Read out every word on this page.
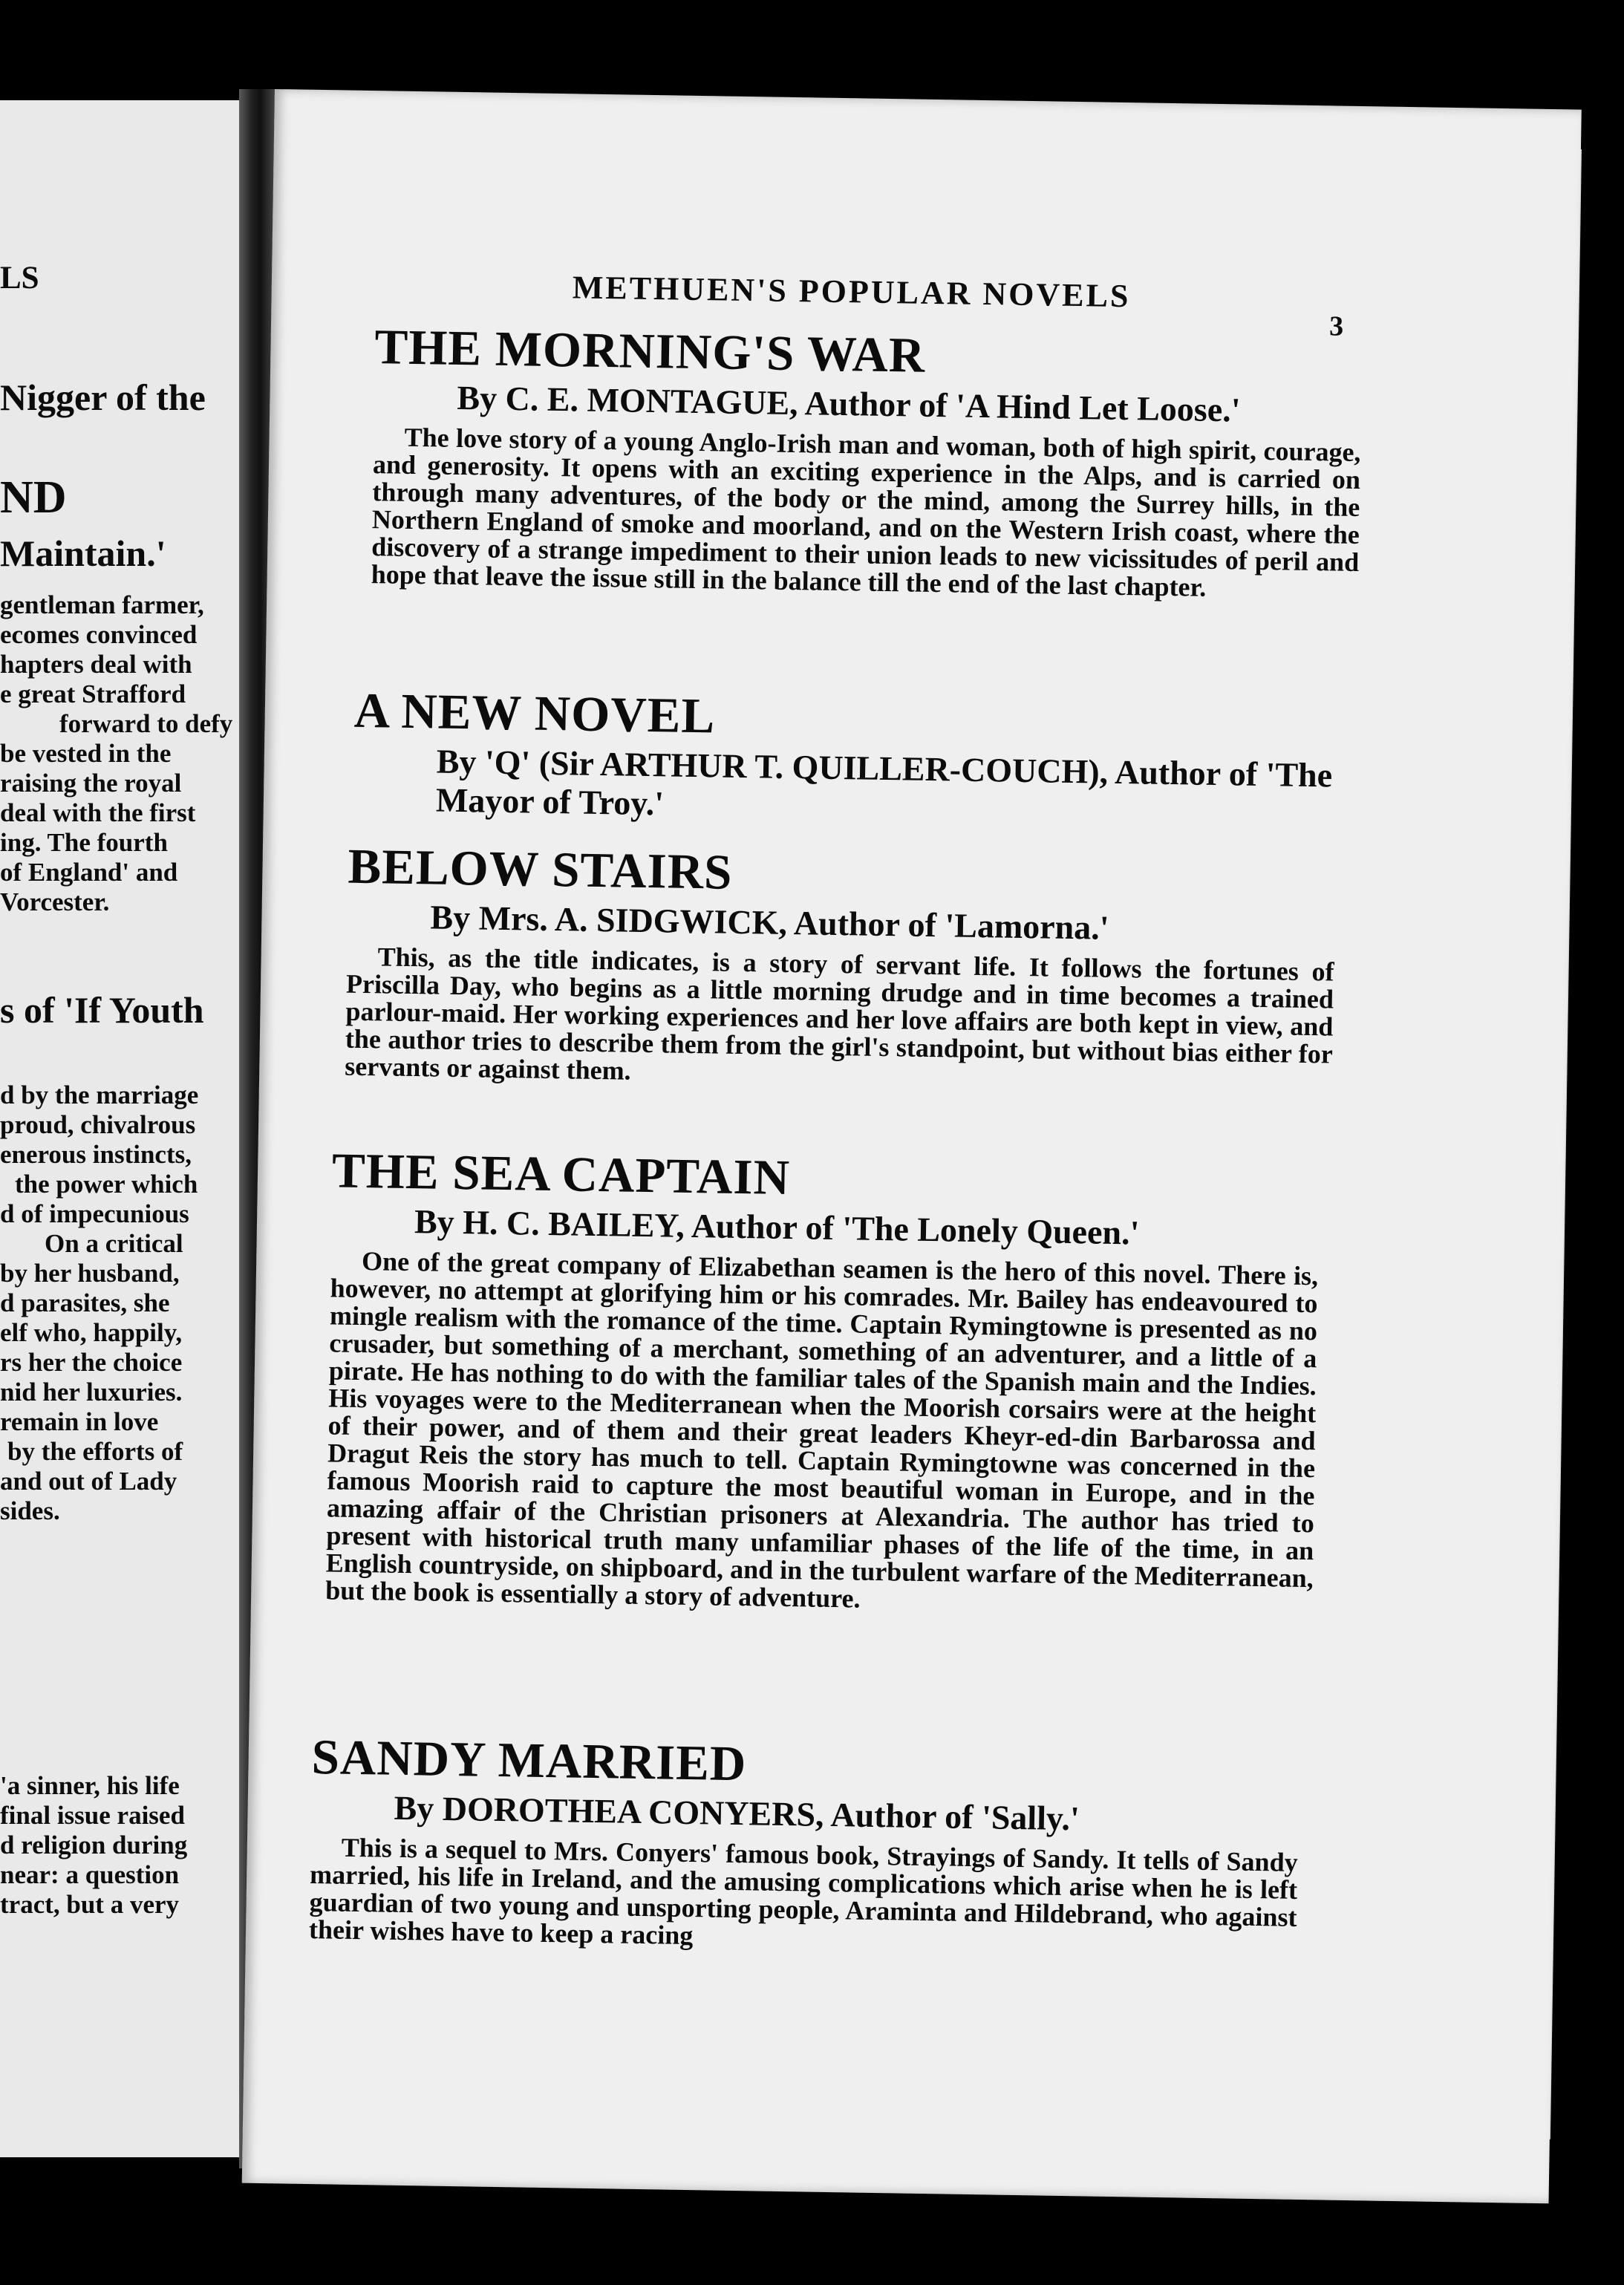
LS
Nigger of the
ND
Maintain.'
gentleman farmer,
ecomes convinced
hapters deal with
e great Strafford
forward to defy
be vested in the
raising the royal
deal with the first
ing. The fourth
of England' and
Vorcester.
s of 'If Youth
d by the marriage
proud, chivalrous
enerous instincts,
the power which
d of impecunious
On a critical
by her husband,
d parasites, she
elf who, happily,
rs her the choice
nid her luxuries.
remain in love
by the efforts of
and out of Lady
sides.
'a sinner, his life
final issue raised
d religion during
near: a question
tract, but a very
METHUEN'S POPULAR NOVELS
3
THE MORNING'S WAR

By C. E. MONTAGUE, Author of 'A Hind Let Loose.'

The love story of a young Anglo-Irish man and woman, both of high spirit, courage, and generosity. It opens with an exciting experience in the Alps, and is carried on through many adventures, of the body or the mind, among the Surrey hills, in the Northern England of smoke and moorland, and on the Western Irish coast, where the discovery of a strange impediment to their union leads to new vicissitudes of peril and hope that leave the issue still in the balance till the end of the last chapter.

A NEW NOVEL

By 'Q' (Sir ARTHUR T. QUILLER-COUCH), Author of 'The Mayor of Troy.'

BELOW STAIRS

By Mrs. A. SIDGWICK, Author of 'Lamorna.'

This, as the title indicates, is a story of servant life. It follows the fortunes of Priscilla Day, who begins as a little morning drudge and in time becomes a trained parlour-maid. Her working experiences and her love affairs are both kept in view, and the author tries to describe them from the girl's standpoint, but without bias either for servants or against them.

THE SEA CAPTAIN

By H. C. BAILEY, Author of 'The Lonely Queen.'

One of the great company of Elizabethan seamen is the hero of this novel. There is, however, no attempt at glorifying him or his comrades. Mr. Bailey has endeavoured to mingle realism with the romance of the time. Captain Rymingtowne is presented as no crusader, but something of a merchant, something of an adventurer, and a little of a pirate. He has nothing to do with the familiar tales of the Spanish main and the Indies. His voyages were to the Mediterranean when the Moorish corsairs were at the height of their power, and of them and their great leaders Kheyr-ed-din Barbarossa and Dragut Reis the story has much to tell. Captain Rymingtowne was concerned in the famous Moorish raid to capture the most beautiful woman in Europe, and in the amazing affair of the Christian prisoners at Alexandria. The author has tried to present with historical truth many unfamiliar phases of the life of the time, in an English countryside, on shipboard, and in the turbulent warfare of the Mediterranean, but the book is essentially a story of adventure.

SANDY MARRIED

By DOROTHEA CONYERS, Author of 'Sally.'

This is a sequel to Mrs. Conyers' famous book, Strayings of Sandy. It tells of Sandy married, his life in Ireland, and the amusing complications which arise when he is left guardian of two young and unsporting people, Araminta and Hildebrand, who against their wishes have to keep a racing
